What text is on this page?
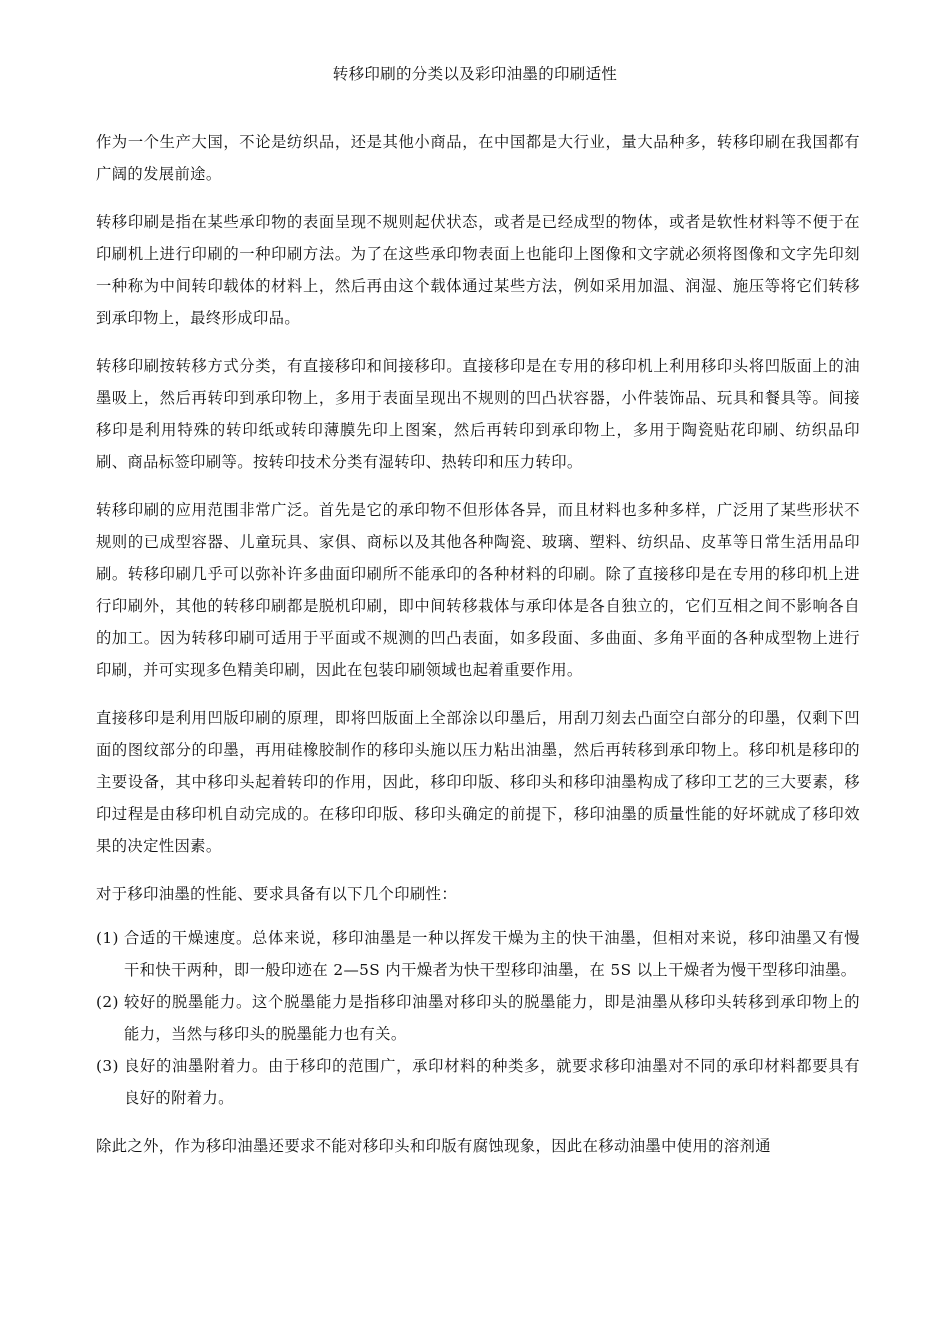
转移印刷的分类以及彩印油墨的印刷适性

作为一个生产大国，不论是纺织品，还是其他小商品，在中国都是大行业，量大品种多，转移印刷在我国都有广阔的发展前途。

转移印刷是指在某些承印物的表面呈现不规则起伏状态，或者是已经成型的物体，或者是软性材料等不便于在印刷机上进行印刷的一种印刷方法。为了在这些承印物表面上也能印上图像和文字就必须将图像和文字先印刻一种称为中间转印载体的材料上，然后再由这个载体通过某些方法，例如采用加温、润湿、施压等将它们转移到承印物上，最终形成印品。

转移印刷按转移方式分类，有直接移印和间接移印。直接移印是在专用的移印机上利用移印头将凹版面上的油墨吸上，然后再转印到承印物上，多用于表面呈现出不规则的凹凸状容器，小件装饰品、玩具和餐具等。间接移印是利用特殊的转印纸或转印薄膜先印上图案，然后再转印到承印物上，多用于陶瓷贴花印刷、纺织品印刷、商品标签印刷等。按转印技术分类有湿转印、热转印和压力转印。

转移印刷的应用范围非常广泛。首先是它的承印物不但形体各异，而且材料也多种多样，广泛用了某些形状不规则的已成型容器、儿童玩具、家俱、商标以及其他各种陶瓷、玻璃、塑料、纺织品、皮革等日常生活用品印刷。转移印刷几乎可以弥补许多曲面印刷所不能承印的各种材料的印刷。除了直接移印是在专用的移印机上进行印刷外，其他的转移印刷都是脱机印刷，即中间转移栽体与承印体是各自独立的，它们互相之间不影响各自的加工。因为转移印刷可适用于平面或不规测的凹凸表面，如多段面、多曲面、多角平面的各种成型物上进行印刷，并可实现多色精美印刷，因此在包装印刷领域也起着重要作用。

直接移印是利用凹版印刷的原理，即将凹版面上全部涂以印墨后，用刮刀刻去凸面空白部分的印墨，仅剩下凹面的图纹部分的印墨，再用硅橡胶制作的移印头施以压力粘出油墨，然后再转移到承印物上。移印机是移印的主要设备，其中移印头起着转印的作用，因此，移印印版、移印头和移印油墨构成了移印工艺的三大要素，移印过程是由移印机自动完成的。在移印印版、移印头确定的前提下，移印油墨的质量性能的好坏就成了移印效果的决定性因素。

对于移印油墨的性能、要求具备有以下几个印刷性：

(1) 合适的干燥速度。总体来说，移印油墨是一种以挥发干燥为主的快干油墨，但相对来说，移印油墨又有慢干和快干两种，即一般印迹在 2—5S 内干燥者为快干型移印油墨，在 5S 以上干燥者为慢干型移印油墨。
(2) 较好的脱墨能力。这个脱墨能力是指移印油墨对移印头的脱墨能力，即是油墨从移印头转移到承印物上的能力，当然与移印头的脱墨能力也有关。
(3) 良好的油墨附着力。由于移印的范围广，承印材料的种类多，就要求移印油墨对不同的承印材料都要具有良好的附着力。

除此之外，作为移印油墨还要求不能对移印头和印版有腐蚀现象，因此在移动油墨中使用的溶剂通
